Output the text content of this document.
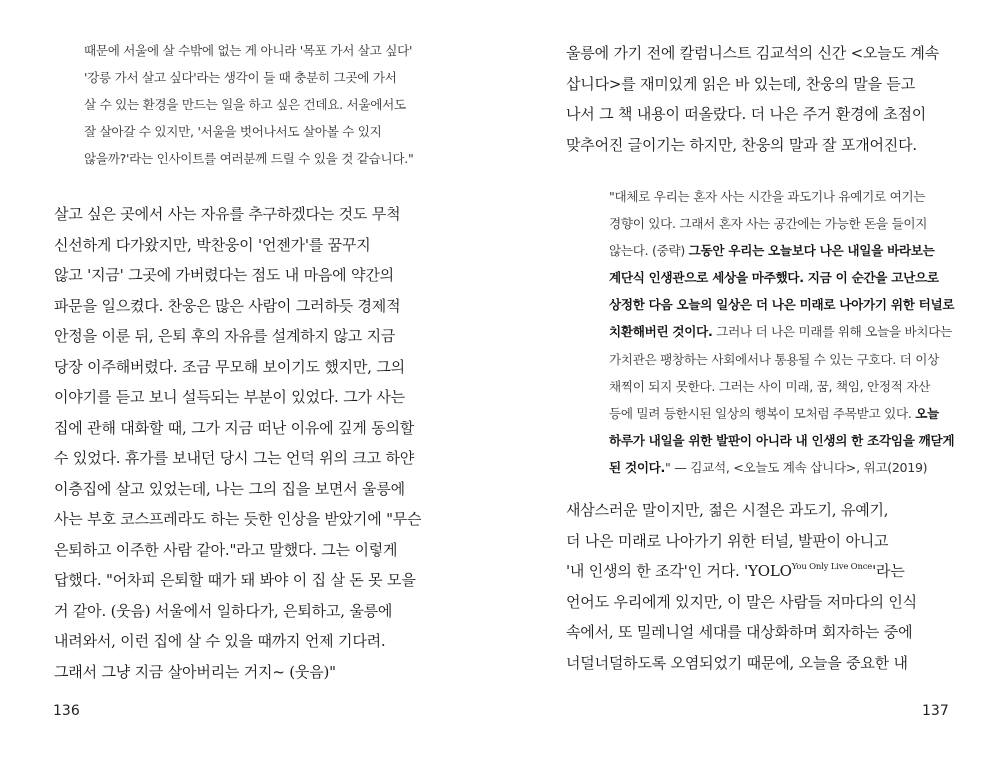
때문에 서울에 살 수밖에 없는 게 아니라 '목포 가서 살고 싶다'

'강릉 가서 살고 싶다'라는 생각이 들 때 충분히 그곳에 가서

살 수 있는 환경을 만드는 일을 하고 싶은 건데요. 서울에서도

잘 살아갈 수 있지만, '서울을 벗어나서도 살아볼 수 있지

않을까?'라는 인사이트를 여러분께 드릴 수 있을 것 같습니다."

살고 싶은 곳에서 사는 자유를 추구하겠다는 것도 무척

신선하게 다가왔지만, 박찬웅이 '언젠가'를 꿈꾸지

않고 '지금' 그곳에 가버렸다는 점도 내 마음에 약간의

파문을 일으켰다. 찬웅은 많은 사람이 그러하듯 경제적

안정을 이룬 뒤, 은퇴 후의 자유를 설계하지 않고 지금

당장 이주해버렸다. 조금 무모해 보이기도 했지만, 그의

이야기를 듣고 보니 설득되는 부분이 있었다. 그가 사는

집에 관해 대화할 때, 그가 지금 떠난 이유에 깊게 동의할

수 있었다. 휴가를 보내던 당시 그는 언덕 위의 크고 하얀

이층집에 살고 있었는데, 나는 그의 집을 보면서 울릉에

사는 부호 코스프레라도 하는 듯한 인상을 받았기에 "무슨

은퇴하고 이주한 사람 같아."라고 말했다. 그는 이렇게

답했다. "어차피 은퇴할 때가 돼 봐야 이 집 살 돈 못 모을

거 같아. (웃음) 서울에서 일하다가, 은퇴하고, 울릉에

내려와서, 이런 집에 살 수 있을 때까지 언제 기다려.

그래서 그냥 지금 살아버리는 거지~ (웃음)"

136

울릉에 가기 전에 칼럼니스트 김교석의 신간 <오늘도 계속

삽니다>를 재미있게 읽은 바 있는데, 찬웅의 말을 듣고

나서 그 책 내용이 떠올랐다. 더 나은 주거 환경에 초점이

맞추어진 글이기는 하지만, 찬웅의 말과 잘 포개어진다.

"대체로 우리는 혼자 사는 시간을 과도기나 유예기로 여기는

경향이 있다. 그래서 혼자 사는 공간에는 가능한 돈을 들이지

않는다. (중략) 그동안 우리는 오늘보다 나은 내일을 바라보는

계단식 인생관으로 세상을 마주했다. 지금 이 순간을 고난으로

상정한 다음 오늘의 일상은 더 나은 미래로 나아가기 위한 터널로

치환해버린 것이다. 그러나 더 나은 미래를 위해 오늘을 바치다는

가치관은 팽창하는 사회에서나 통용될 수 있는 구호다. 더 이상

채찍이 되지 못한다. 그러는 사이 미래, 꿈, 책임, 안정적 자산

등에 밀려 등한시된 일상의 행복이 모처럼 주목받고 있다. 오늘

하루가 내일을 위한 발판이 아니라 내 인생의 한 조각임을 깨닫게

된 것이다." — 김교석, <오늘도 계속 삽니다>, 위고(2019)

새삼스러운 말이지만, 젊은 시절은 과도기, 유예기,

더 나은 미래로 나아가기 위한 터널, 발판이 아니고

'내 인생의 한 조각'인 거다. '$YOLO^{You Only Live Once}$'라는

언어도 우리에게 있지만, 이 말은 사람들 저마다의 인식

속에서, 또 밀레니얼 세대를 대상화하며 회자하는 중에

너덜너덜하도록 오염되었기 때문에, 오늘을 중요한 내

137
